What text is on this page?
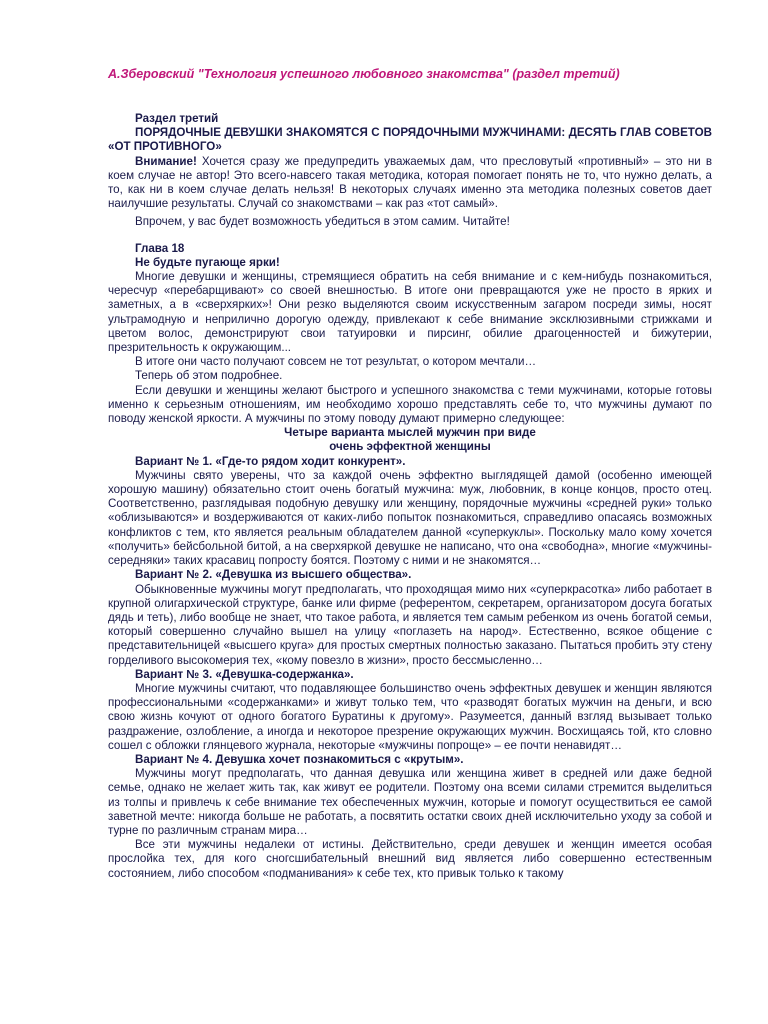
А.Зберовский "Технология успешного любовного знакомства" (раздел третий)

Раздел третий

ПОРЯДОЧНЫЕ ДЕВУШКИ ЗНАКОМЯТСЯ С ПОРЯДОЧНЫМИ МУЖЧИНАМИ: ДЕСЯТЬ ГЛАВ СОВЕТОВ «ОТ ПРОТИВНОГО»

Внимание! Хочется сразу же предупредить уважаемых дам, что пресловутый «противный» – это ни в коем случае не автор! Это всего-навсего такая методика, которая помогает понять не то, что нужно делать, а то, как ни в коем случае делать нельзя! В некоторых случаях именно эта методика полезных советов дает наилучшие результаты. Случай со знакомствами – как раз «тот самый».

Впрочем, у вас будет возможность убедиться в этом самим. Читайте!

Глава 18

Не будьте пугающе ярки!

Многие девушки и женщины, стремящиеся обратить на себя внимание и с кем-нибудь познакомиться, чересчур «перебарщивают» со своей внешностью. В итоге они превращаются уже не просто в ярких и заметных, а в «сверхярких»! Они резко выделяются своим искусственным загаром посреди зимы, носят ультрамодную и неприлично дорогую одежду, привлекают к себе внимание эксклюзивными стрижками и цветом волос, демонстрируют свои татуировки и пирсинг, обилие драгоценностей и бижутерии, презрительность к окружающим...

В итоге они часто получают совсем не тот результат, о котором мечтали…

Теперь об этом подробнее.

Если девушки и женщины желают быстрого и успешного знакомства с теми мужчинами, которые готовы именно к серьезным отношениям, им необходимо хорошо представлять себе то, что мужчины думают по поводу женской яркости. А мужчины по этому поводу думают примерно следующее:

Четыре варианта мыслей мужчин при виде

очень эффектной женщины

Вариант № 1. «Где-то рядом ходит конкурент».

Мужчины свято уверены, что за каждой очень эффектно выглядящей дамой (особенно имеющей хорошую машину) обязательно стоит очень богатый мужчина: муж, любовник, в конце концов, просто отец. Соответственно, разглядывая подобную девушку или женщину, порядочные мужчины «средней руки» только «облизываются» и воздерживаются от каких-либо попыток познакомиться, справедливо опасаясь возможных конфликтов с тем, кто является реальным обладателем данной «суперкуклы». Поскольку мало кому хочется «получить» бейсбольной битой, а на сверхяркой девушке не написано, что она «свободна», многие «мужчины-середняки» таких красавиц попросту боятся. Поэтому с ними и не знакомятся…

Вариант № 2. «Девушка из высшего общества».

Обыкновенные мужчины могут предполагать, что проходящая мимо них «суперкрасотка» либо работает в крупной олигархической структуре, банке или фирме (референтом, секретарем, организатором досуга богатых дядь и теть), либо вообще не знает, что такое работа, и является тем самым ребенком из очень богатой семьи, который совершенно случайно вышел на улицу «поглазеть на народ». Естественно, всякое общение с представительницей «высшего круга» для простых смертных полностью заказано. Пытаться пробить эту стену горделивого высокомерия тех, «кому повезло в жизни», просто бессмысленно…

Вариант № 3. «Девушка-содержанка».

Многие мужчины считают, что подавляющее большинство очень эффектных девушек и женщин являются профессиональными «содержанками» и живут только тем, что «разводят богатых мужчин на деньги, и всю свою жизнь кочуют от одного богатого Буратины к другому». Разумеется, данный взгляд вызывает только раздражение, озлобление, а иногда и некоторое презрение окружающих мужчин. Восхищаясь той, кто словно сошел с обложки глянцевого журнала, некоторые «мужчины попроще» – ее почти ненавидят…

Вариант № 4. Девушка хочет познакомиться с «крутым».

Мужчины могут предполагать, что данная девушка или женщина живет в средней или даже бедной семье, однако не желает жить так, как живут ее родители. Поэтому она всеми силами стремится выделиться из толпы и привлечь к себе внимание тех обеспеченных мужчин, которые и помогут осуществиться ее самой заветной мечте: никогда больше не работать, а посвятить остатки своих дней исключительно уходу за собой и турне по различным странам мира…

Все эти мужчины недалеки от истины. Действительно, среди девушек и женщин имеется особая прослойка тех, для кого сногсшибательный внешний вид является либо совершенно естественным состоянием, либо способом «подманивания» к себе тех, кто привык только к такому
